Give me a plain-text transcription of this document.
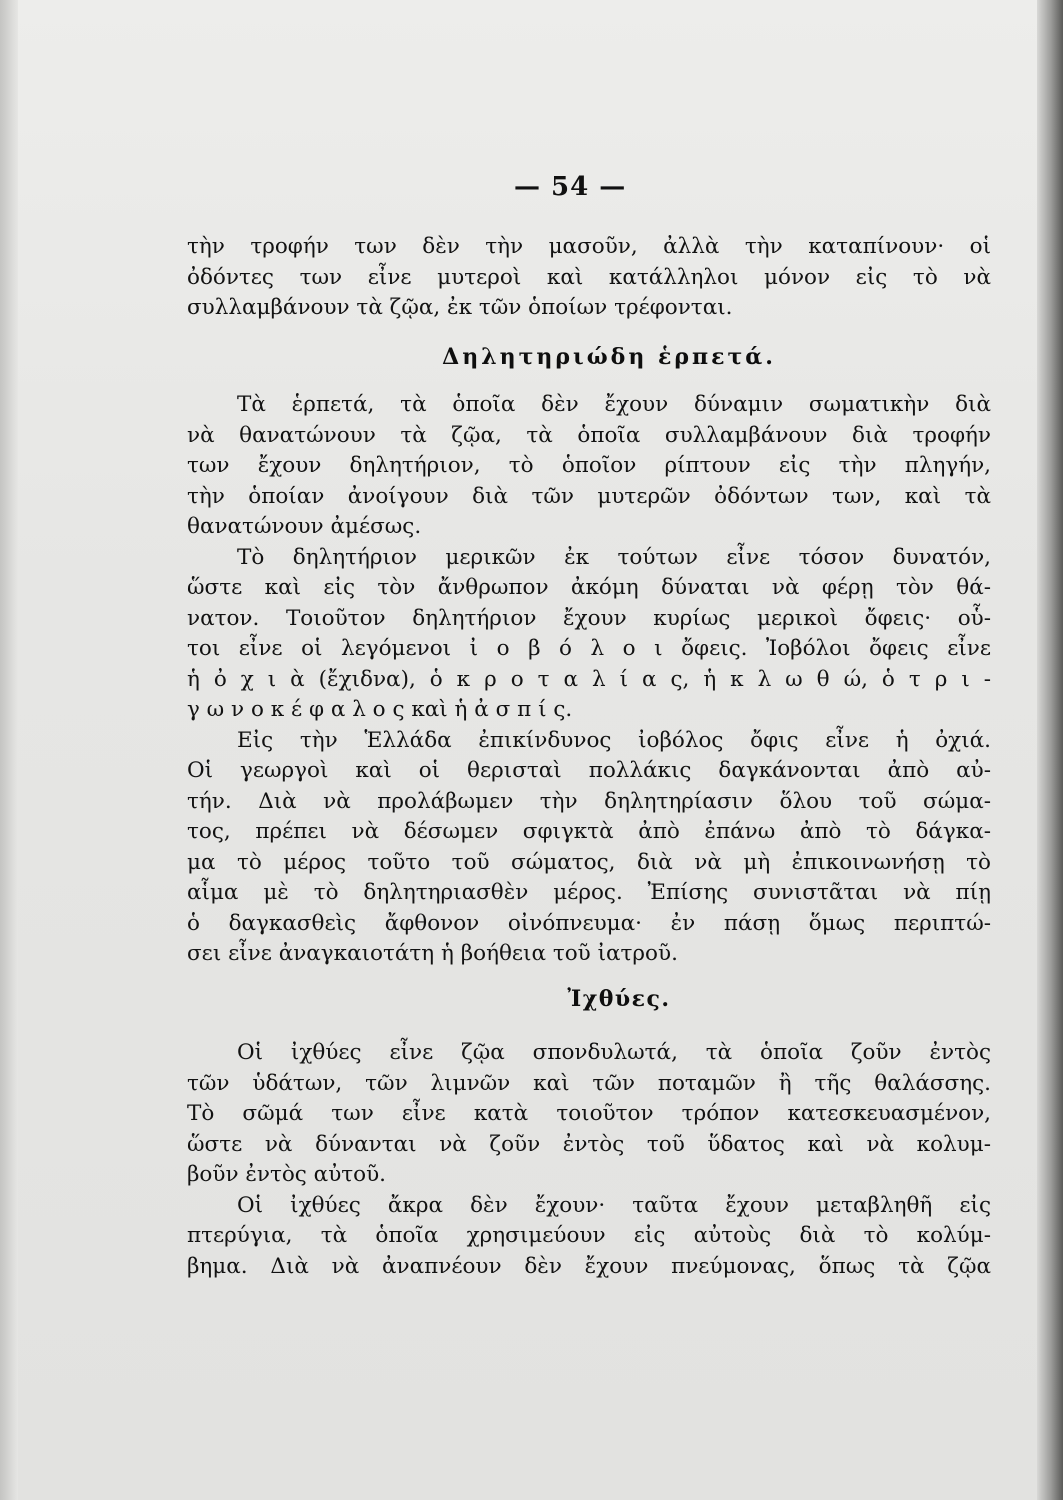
— 54 —
τὴν τροφήν των δὲν τὴν μασοῦν, ἀλλὰ τὴν καταπίνουν· οἱ
ὀδόντες των εἶνε μυτεροὶ καὶ κατάλληλοι μόνον εἰς τὸ νὰ
συλλαμβάνουν τὰ ζῷα, ἐκ τῶν ὁποίων τρέφονται.
Δηλητηριώδη ἑρπετά.
Τὰ ἑρπετά, τὰ ὁποῖα δὲν ἔχουν δύναμιν σωματικὴν διὰ
νὰ θανατώνουν τὰ ζῷα, τὰ ὁποῖα συλλαμβάνουν διὰ τροφήν
των ἔχουν δηλητήριον, τὸ ὁποῖον ρίπτουν εἰς τὴν πληγήν,
τὴν ὁποίαν ἀνοίγουν διὰ τῶν μυτερῶν ὀδόντων των, καὶ τὰ
θανατώνουν ἀμέσως.
Τὸ δηλητήριον μερικῶν ἐκ τούτων εἶνε τόσον δυνατόν,
ὥστε καὶ εἰς τὸν ἄνθρωπον ἀκόμη δύναται νὰ φέρῃ τὸν θά-
νατον. Τοιοῦτον δηλητήριον ἔχουν κυρίως μερικοὶ ὄφεις· οὗ-
τοι εἶνε οἱ λεγόμενοι ἰ ο β ό λ ο ι ὄφεις. Ἰοβόλοι ὄφεις εἶνε
ἡ ὀ χ ι ὰ (ἔχιδνα), ὁ κ ρ ο τ α λ ί α ς, ἡ κ λ ω θ ώ, ὁ τ ρ ι -
γ ω ν ο κ έ φ α λ ο ς καὶ ἡ ἀ σ π ί ς.
Εἰς τὴν Ἑλλάδα ἐπικίνδυνος ἰοβόλος ὄφις εἶνε ἡ ὀχιά.
Οἱ γεωργοὶ καὶ οἱ θερισταὶ πολλάκις δαγκάνονται ἀπὸ αὐ-
τήν. Διὰ νὰ προλάβωμεν τὴν δηλητηρίασιν ὅλου τοῦ σώμα-
τος, πρέπει νὰ δέσωμεν σφιγκτὰ ἀπὸ ἐπάνω ἀπὸ τὸ δάγκα-
μα τὸ μέρος τοῦτο τοῦ σώματος, διὰ νὰ μὴ ἐπικοινωνήσῃ τὸ
αἷμα μὲ τὸ δηλητηριασθὲν μέρος. Ἐπίσης συνιστᾶται νὰ πίῃ
ὁ δαγκασθεὶς ἄφθονον οἰνόπνευμα· ἐν πάσῃ ὅμως περιπτώ-
σει εἶνε ἀναγκαιοτάτη ἡ βοήθεια τοῦ ἰατροῦ.
Ἰχθύες.
Οἱ ἰχθύες εἶνε ζῷα σπονδυλωτά, τὰ ὁποῖα ζοῦν ἐντὸς
τῶν ὑδάτων, τῶν λιμνῶν καὶ τῶν ποταμῶν ἢ τῆς θαλάσσης.
Τὸ σῶμά των εἶνε κατὰ τοιοῦτον τρόπον κατεσκευασμένον,
ὥστε νὰ δύνανται νὰ ζοῦν ἐντὸς τοῦ ὕδατος καὶ νὰ κολυμ-
βοῦν ἐντὸς αὐτοῦ.
Οἱ ἰχθύες ἄκρα δὲν ἔχουν· ταῦτα ἔχουν μεταβληθῆ εἰς
πτερύγια, τὰ ὁποῖα χρησιμεύουν εἰς αὐτοὺς διὰ τὸ κολύμ-
βημα. Διὰ νὰ ἀναπνέουν δὲν ἔχουν πνεύμονας, ὅπως τὰ ζῷα
